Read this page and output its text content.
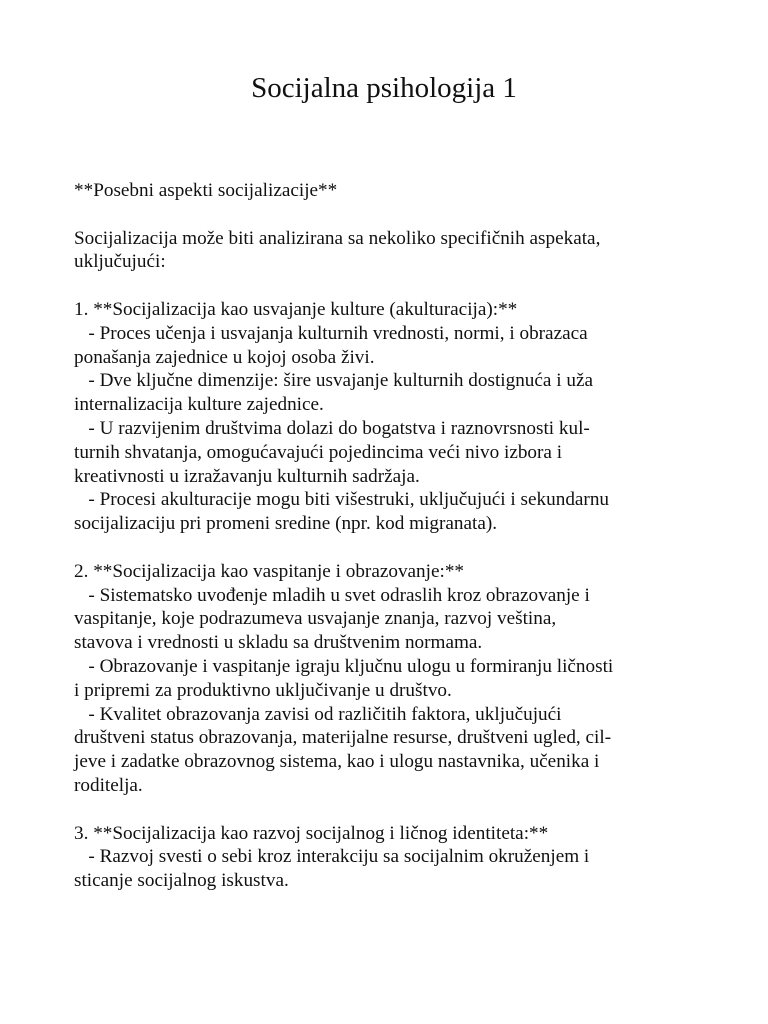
Socijalna psihologija 1
**Posebni aspekti socijalizacije**
Socijalizacija može biti analizirana sa nekoliko specifičnih aspekata,
uključujući:
1. **Socijalizacija kao usvajanje kulture (akulturacija):**
- Proces učenja i usvajanja kulturnih vrednosti, normi, i obrazaca
ponašanja zajednice u kojoj osoba živi.
- Dve ključne dimenzije: šire usvajanje kulturnih dostignuća i uža
internalizacija kulture zajednice.
- U razvijenim društvima dolazi do bogatstva i raznovrsnosti kul-
turnih shvatanja, omogućavajući pojedincima veći nivo izbora i
kreativnosti u izražavanju kulturnih sadržaja.
- Procesi akulturacije mogu biti višestruki, uključujući i sekundarnu
socijalizaciju pri promeni sredine (npr. kod migranata).
2. **Socijalizacija kao vaspitanje i obrazovanje:**
- Sistematsko uvođenje mladih u svet odraslih kroz obrazovanje i
vaspitanje, koje podrazumeva usvajanje znanja, razvoj veština,
stavova i vrednosti u skladu sa društvenim normama.
- Obrazovanje i vaspitanje igraju ključnu ulogu u formiranju ličnosti
i pripremi za produktivno uključivanje u društvo.
- Kvalitet obrazovanja zavisi od različitih faktora, uključujući
društveni status obrazovanja, materijalne resurse, društveni ugled, cil-
jeve i zadatke obrazovnog sistema, kao i ulogu nastavnika, učenika i
roditelja.
3. **Socijalizacija kao razvoj socijalnog i ličnog identiteta:**
- Razvoj svesti o sebi kroz interakciju sa socijalnim okruženjem i
sticanje socijalnog iskustva.
